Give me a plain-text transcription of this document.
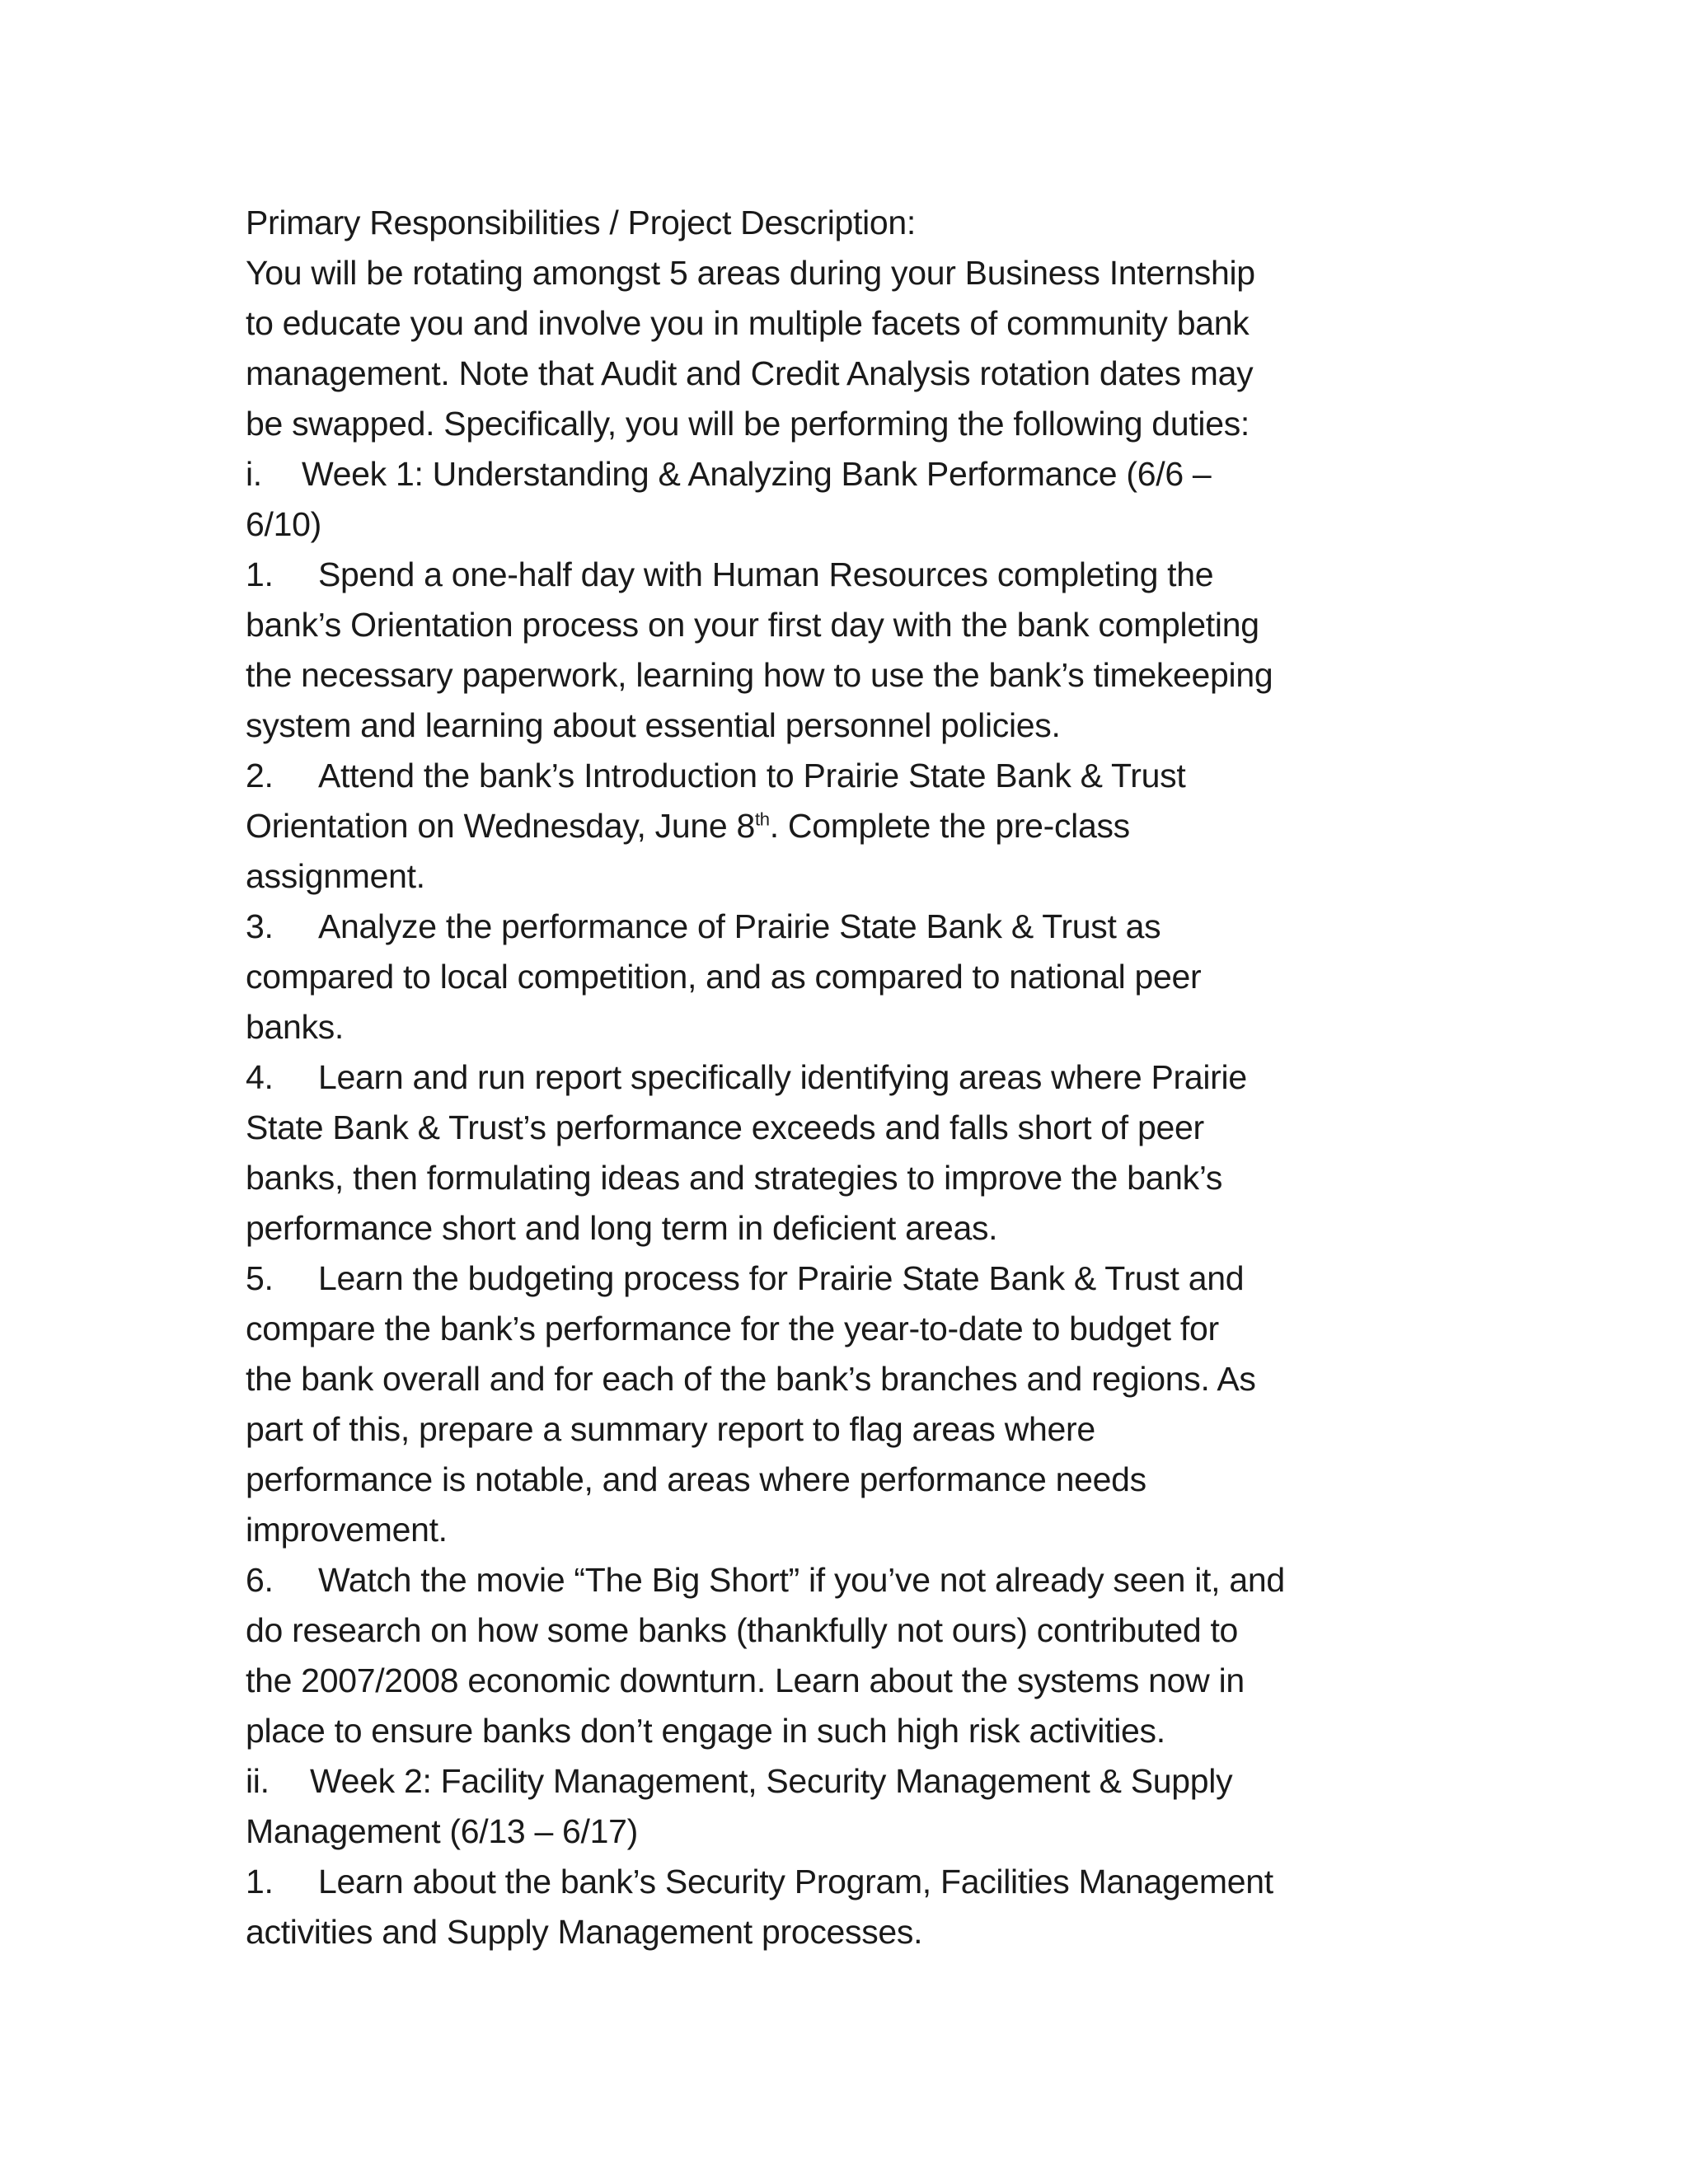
Primary Responsibilities / Project Description:
You will be rotating amongst 5 areas during your Business Internship
to educate you and involve you in multiple facets of community bank
management. Note that Audit and Credit Analysis rotation dates may
be swapped. Specifically, you will be performing the following duties:
i. Week 1: Understanding & Analyzing Bank Performance (6/6 –
6/10)
1. Spend a one-half day with Human Resources completing the
bank’s Orientation process on your first day with the bank completing
the necessary paperwork, learning how to use the bank’s timekeeping
system and learning about essential personnel policies.
2. Attend the bank’s Introduction to Prairie State Bank & Trust
Orientation on Wednesday, June 8th. Complete the pre-class
assignment.
3. Analyze the performance of Prairie State Bank & Trust as
compared to local competition, and as compared to national peer
banks.
4. Learn and run report specifically identifying areas where Prairie
State Bank & Trust’s performance exceeds and falls short of peer
banks, then formulating ideas and strategies to improve the bank’s
performance short and long term in deficient areas.
5. Learn the budgeting process for Prairie State Bank & Trust and
compare the bank’s performance for the year-to-date to budget for
the bank overall and for each of the bank’s branches and regions. As
part of this, prepare a summary report to flag areas where
performance is notable, and areas where performance needs
improvement.
6. Watch the movie “The Big Short” if you’ve not already seen it, and
do research on how some banks (thankfully not ours) contributed to
the 2007/2008 economic downturn. Learn about the systems now in
place to ensure banks don’t engage in such high risk activities.
ii. Week 2: Facility Management, Security Management & Supply
Management (6/13 – 6/17)
1. Learn about the bank’s Security Program, Facilities Management
activities and Supply Management processes.
